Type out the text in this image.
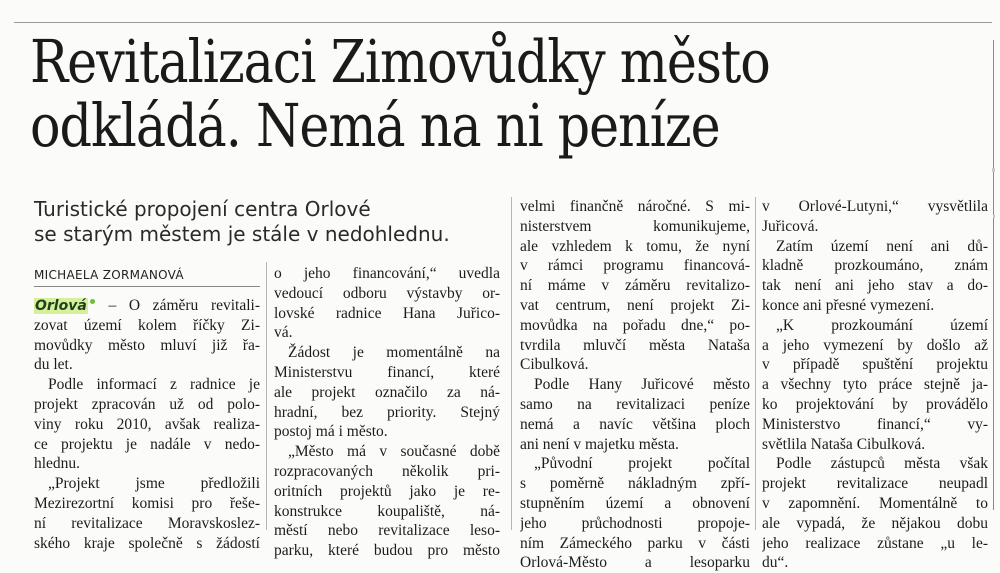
Revitalizaci Zimovůdky město
odkládá. Nemá na ni peníze
Turistické propojení centra Orlové
se starým městem je stále v nedohlednu.
MICHAELA ZORMANOVÁ
Orlová – O záměru revitali-
zovat území kolem říčky Zi-
movůdky město mluví již řa-
du let.
Podle informací z radnice je
projekt zpracován už od polo-
viny roku 2010, avšak realiza-
ce projektu je nadále v nedo-
hlednu.
„Projekt jsme předložili
Mezirezortní komisi pro řeše-
ní revitalizace Moravskoslez-
ského kraje společně s žádostí
o jeho financování,“ uvedla
vedoucí odboru výstavby or-
lovské radnice Hana Juřico-
vá.
Žádost je momentálně na
Ministerstvu financí, které
ale projekt označilo za ná-
hradní, bez priority. Stejný
postoj má i město.
„Město má v současné době
rozpracovaných několik pri-
oritních projektů jako je re-
konstrukce koupaliště, ná-
městí nebo revitalizace leso-
parku, které budou pro město
velmi finančně náročné. S mi-
nisterstvem komunikujeme,
ale vzhledem k tomu, že nyní
v rámci programu financová-
ní máme v záměru revitalizo-
vat centrum, není projekt Zi-
movůdka na pořadu dne,“ po-
tvrdila mluvčí města Nataša
Cibulková.
Podle Hany Juřicové město
samo na revitalizaci peníze
nemá a navíc většina ploch
ani není v majetku města.
„Původní projekt počítal
s poměrně nákladným zpří-
stupněním území a obnovení
jeho průchodnosti propoje-
ním Zámeckého parku v části
Orlová-Město a lesoparku
v Orlové-Lutyni,“ vysvětlila
Juřicová.
Zatím území není ani dů-
kladně prozkoumáno, znám
tak není ani jeho stav a do-
konce ani přesné vymezení.
„K prozkoumání území
a jeho vymezení by došlo až
v případě spuštění projektu
a všechny tyto práce stejně ja-
ko projektování by provádělo
Ministerstvo financí,“ vy-
světlila Nataša Cibulková.
Podle zástupců města však
projekt revitalizace neupadl
v zapomnění. Momentálně to
ale vypadá, že nějakou dobu
jeho realizace zůstane „u le-
du“.
